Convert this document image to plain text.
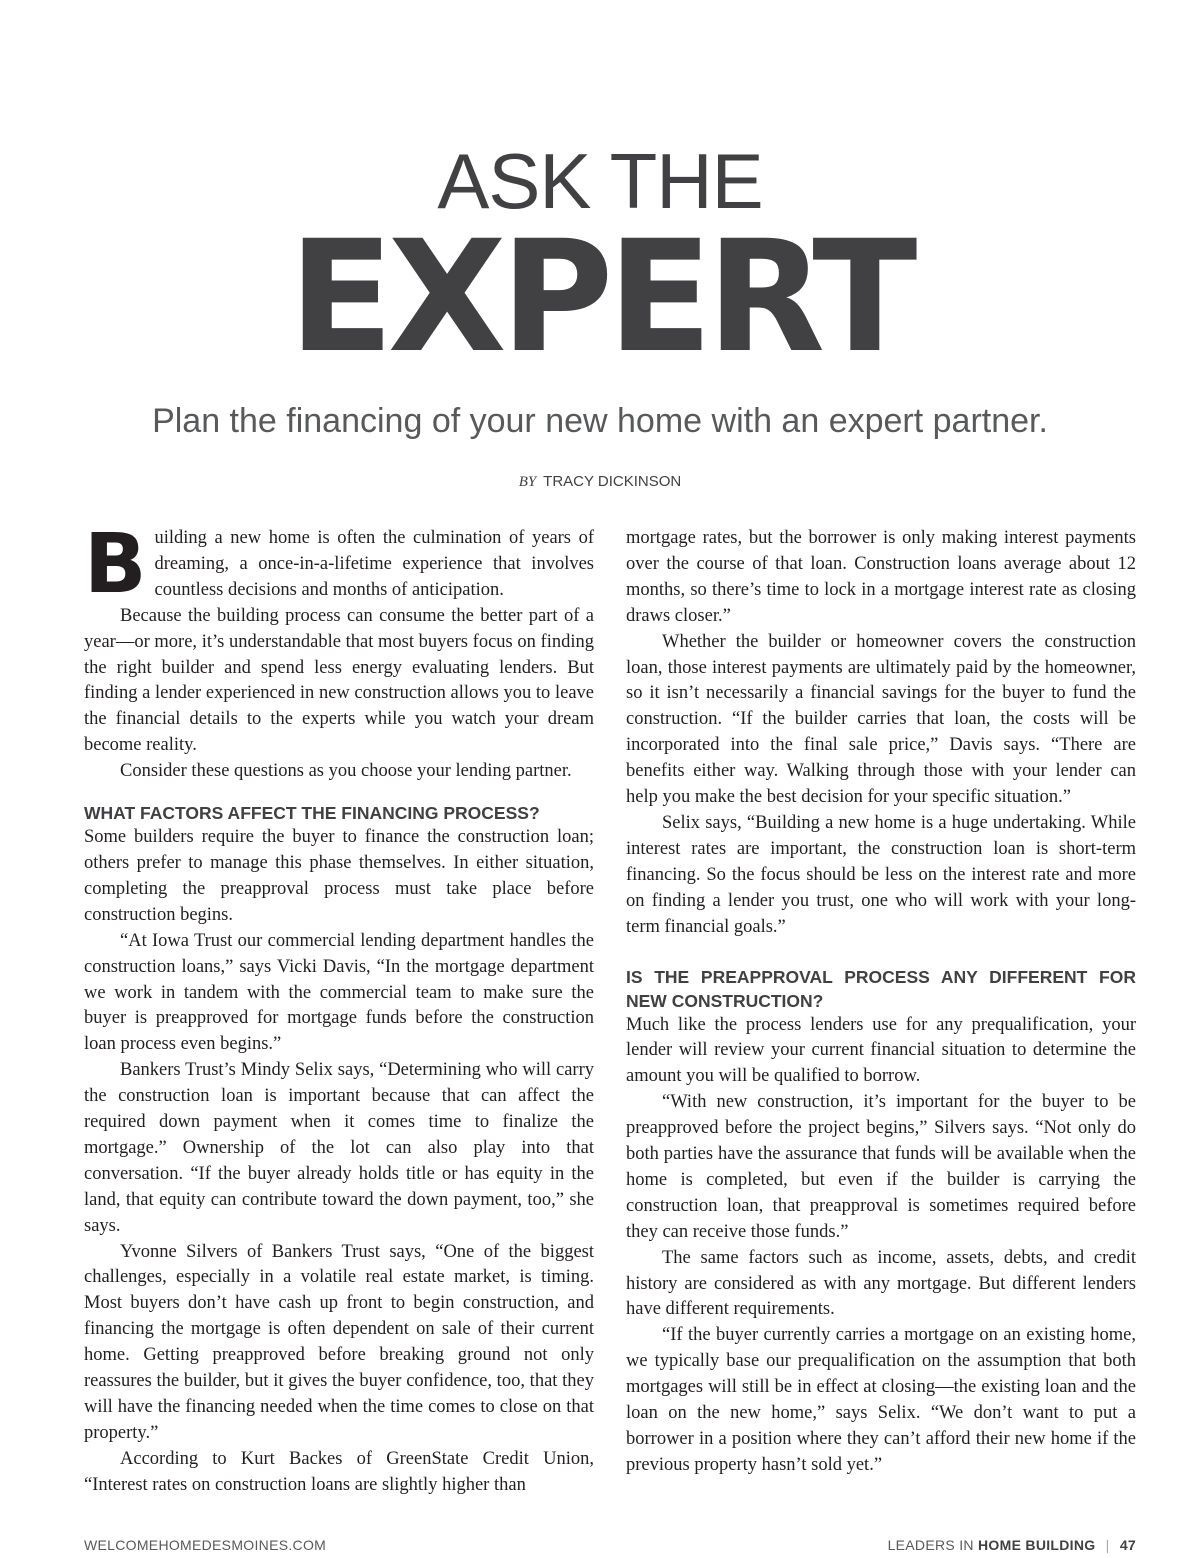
ASK THE
EXPERT
Plan the financing of your new home with an expert partner.
BY TRACY DICKINSON

Building a new home is often the culmination of years of dreaming, a once-in-a-lifetime experience that involves countless decisions and months of anticipation.

Because the building process can consume the better part of a year—or more, it’s understandable that most buyers focus on finding the right builder and spend less energy evaluating lenders. But finding a lender experienced in new construction allows you to leave the financial details to the experts while you watch your dream become reality.

Consider these questions as you choose your lending partner.

WHAT FACTORS AFFECT THE FINANCING PROCESS?

Some builders require the buyer to finance the construction loan; others prefer to manage this phase themselves. In either situation, completing the preapproval process must take place before construction begins.

“At Iowa Trust our commercial lending department handles the construction loans,” says Vicki Davis, “In the mortgage department we work in tandem with the commercial team to make sure the buyer is preapproved for mortgage funds before the construction loan process even begins.”

Bankers Trust’s Mindy Selix says, “Determining who will carry the construction loan is important because that can affect the required down payment when it comes time to finalize the mortgage.” Ownership of the lot can also play into that conversation. “If the buyer already holds title or has equity in the land, that equity can contribute toward the down payment, too,” she says.

Yvonne Silvers of Bankers Trust says, “One of the biggest challenges, especially in a volatile real estate market, is timing. Most buyers don’t have cash up front to begin construction, and financing the mortgage is often dependent on sale of their current home. Getting preapproved before breaking ground not only reassures the builder, but it gives the buyer confidence, too, that they will have the financing needed when the time comes to close on that property.”

According to Kurt Backes of GreenState Credit Union, “Interest rates on construction loans are slightly higher than

mortgage rates, but the borrower is only making interest payments over the course of that loan. Construction loans average about 12 months, so there’s time to lock in a mortgage interest rate as closing draws closer.”

Whether the builder or homeowner covers the construction loan, those interest payments are ultimately paid by the homeowner, so it isn’t necessarily a financial savings for the buyer to fund the construction. “If the builder carries that loan, the costs will be incorporated into the final sale price,” Davis says. “There are benefits either way. Walking through those with your lender can help you make the best decision for your specific situation.”

Selix says, “Building a new home is a huge undertaking. While interest rates are important, the construction loan is short-term financing. So the focus should be less on the interest rate and more on finding a lender you trust, one who will work with your long-term financial goals.”

IS THE PREAPPROVAL PROCESS ANY DIFFERENT FOR NEW CONSTRUCTION?

Much like the process lenders use for any prequalification, your lender will review your current financial situation to determine the amount you will be qualified to borrow.

“With new construction, it’s important for the buyer to be preapproved before the project begins,” Silvers says. “Not only do both parties have the assurance that funds will be available when the home is completed, but even if the builder is carrying the construction loan, that preapproval is sometimes required before they can receive those funds.”

The same factors such as income, assets, debts, and credit history are considered as with any mortgage. But different lenders have different requirements.

“If the buyer currently carries a mortgage on an existing home, we typically base our prequalification on the assumption that both mortgages will still be in effect at closing—the existing loan and the loan on the new home,” says Selix. “We don’t want to put a borrower in a position where they can’t afford their new home if the previous property hasn’t sold yet.”

WELCOMEHOMEDESMOINES.COM	LEADERS IN HOME BUILDING | 47
